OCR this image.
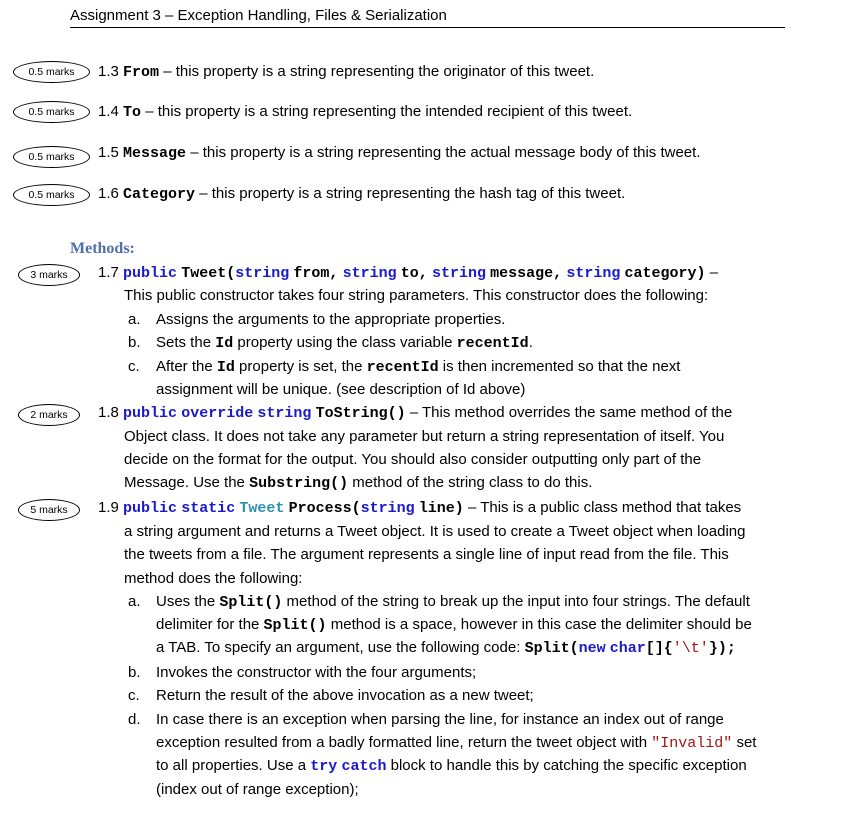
Assignment 3 – Exception Handling, Files & Serialization
0.5 marks	1.3 From – this property is a string representing the originator of this tweet.
0.5 marks	1.4 To – this property is a string representing the intended recipient of this tweet.
0.5 marks	1.5 Message – this property is a string representing the actual message body of this tweet.
0.5 marks	1.6 Category – this property is a string representing the hash tag of this tweet.
Methods:
3 marks	1.7 public Tweet(string from, string to, string message, string category) –
This public constructor takes four string parameters. This constructor does the following:
a. Assigns the arguments to the appropriate properties.
b. Sets the Id property using the class variable recentId.
c. After the Id property is set, the recentId is then incremented so that the next
assignment will be unique. (see description of Id above)
2 marks	1.8 public override string ToString() – This method overrides the same method of the
Object class. It does not take any parameter but return a string representation of itself. You
decide on the format for the output. You should also consider outputting only part of the
Message. Use the Substring() method of the string class to do this.
5 marks	1.9 public static Tweet Process(string line) – This is a public class method that takes
a string argument and returns a Tweet object. It is used to create a Tweet object when loading
the tweets from a file. The argument represents a single line of input read from the file. This
method does the following:
a. Uses the Split() method of the string to break up the input into four strings. The default
delimiter for the Split() method is a space, however in this case the delimiter should be
a TAB. To specify an argument, use the following code: Split(new char[]{'\t'});
b. Invokes the constructor with the four arguments;
c. Return the result of the above invocation as a new tweet;
d. In case there is an exception when parsing the line, for instance an index out of range
exception resulted from a badly formatted line, return the tweet object with "Invalid" set
to all properties. Use a try catch block to handle this by catching the specific exception
(index out of range exception);
